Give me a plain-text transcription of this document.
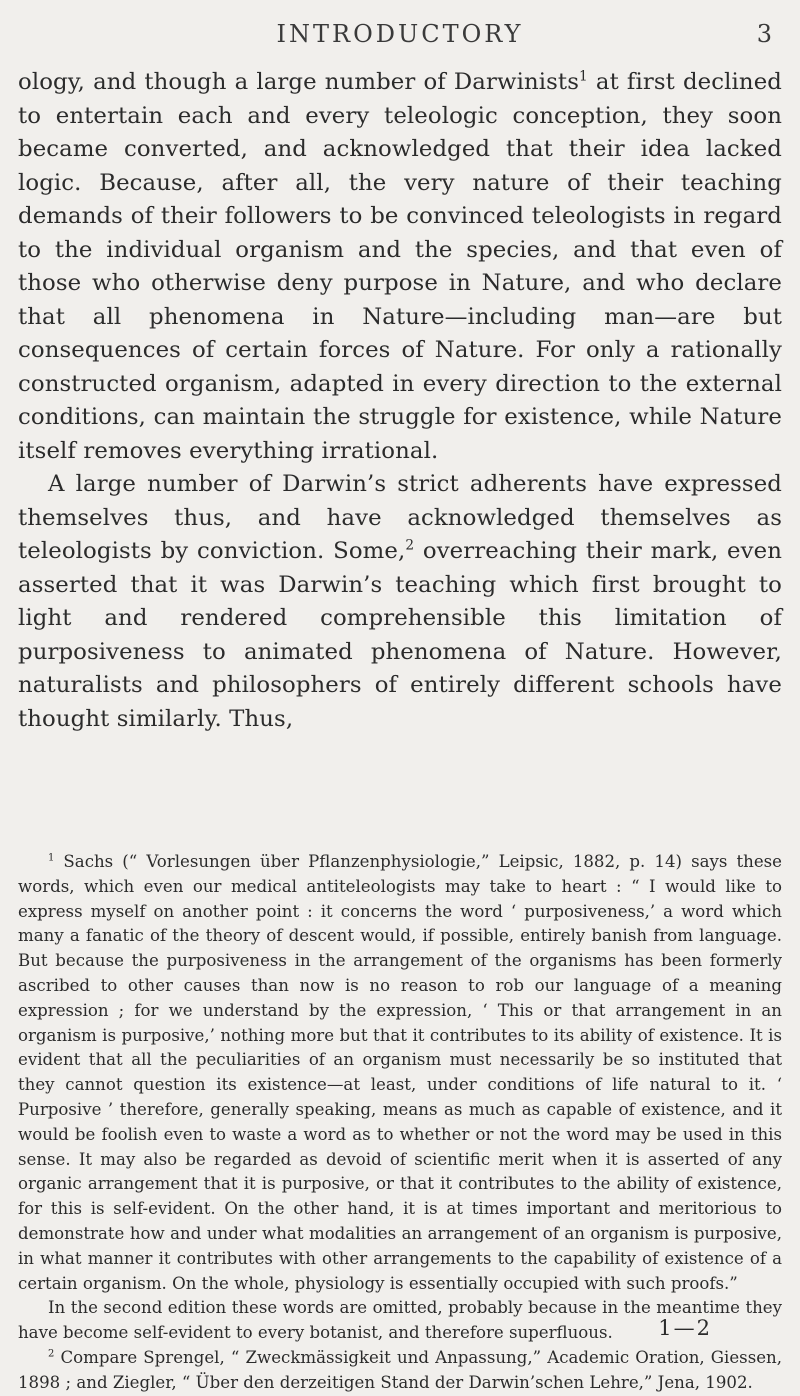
INTRODUCTORY	3

ology, and though a large number of Darwinists$^1$ at first declined to entertain each and every teleologic conception, they soon became converted, and acknowledged that their idea lacked logic. Because, after all, the very nature of their teaching demands of their followers to be convinced teleologists in regard to the individual organism and the species, and that even of those who otherwise deny purpose in Nature, and who declare that all phenomena in Nature—including man—are but consequences of certain forces of Nature. For only a rationally constructed organism, adapted in every direction to the external conditions, can maintain the struggle for existence, while Nature itself removes everything irrational.

A large number of Darwin’s strict adherents have expressed themselves thus, and have acknowledged themselves as teleologists by conviction. Some,$^2$ overreaching their mark, even asserted that it was Darwin’s teaching which first brought to light and rendered comprehensible this limitation of purposiveness to animated phenomena of Nature. However, naturalists and philosophers of entirely different schools have thought similarly. Thus,

$^1$ Sachs (“ Vorlesungen über Pflanzenphysiologie,” Leipsic, 1882, p. 14) says these words, which even our medical antiteleologists may take to heart : “ I would like to express myself on another point : it concerns the word ‘ purposiveness,’ a word which many a fanatic of the theory of descent would, if possible, entirely banish from language. But because the purposiveness in the arrangement of the organisms has been formerly ascribed to other causes than now is no reason to rob our language of a meaning expression ; for we understand by the expression, ‘ This or that arrangement in an organism is purposive,’ nothing more but that it contributes to its ability of existence. It is evident that all the peculiarities of an organism must necessarily be so instituted that they cannot question its existence—at least, under conditions of life natural to it. ‘ Purposive ’ therefore, generally speaking, means as much as capable of existence, and it would be foolish even to waste a word as to whether or not the word may be used in this sense. It may also be regarded as devoid of scientific merit when it is asserted of any organic arrangement that it is purposive, or that it contributes to the ability of existence, for this is self-evident. On the other hand, it is at times important and meritorious to demonstrate how and under what modalities an arrangement of an organism is purposive, in what manner it contributes with other arrangements to the capability of existence of a certain organism. On the whole, physiology is essentially occupied with such proofs.”

In the second edition these words are omitted, probably because in the meantime they have become self-evident to every botanist, and therefore superfluous.

$^2$ Compare Sprengel, “ Zweckmässigkeit und Anpassung,” Academic Oration, Giessen, 1898 ; and Ziegler, “ Über den derzeitigen Stand der Darwin’schen Lehre,” Jena, 1902.

1—2
